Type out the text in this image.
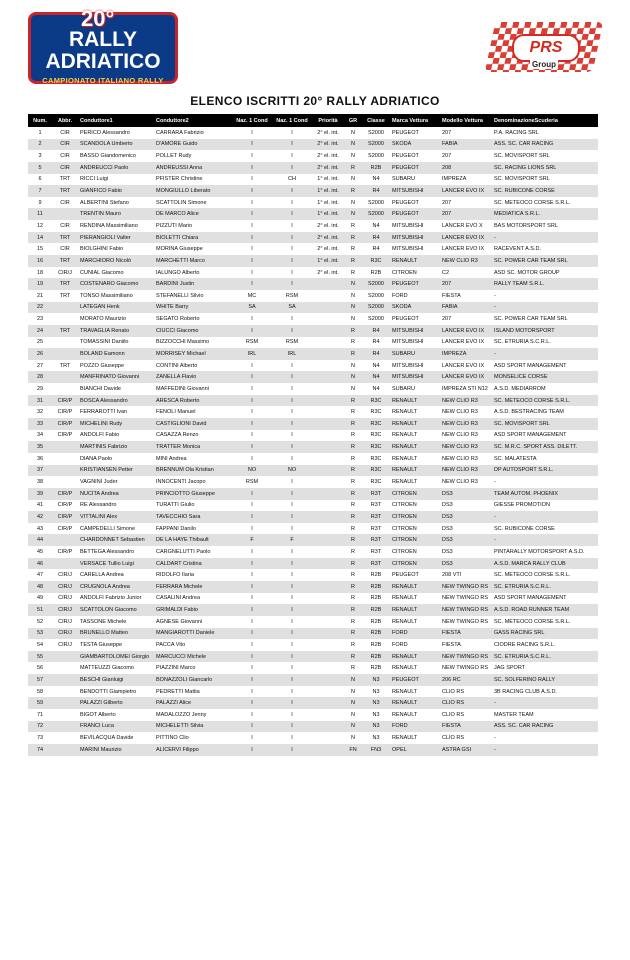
20°
RALLY ADRIATICO
CAMPIONATO ITALIANO RALLY
CINGOLI 17/18 Maggio 2013
PRS
Group
ELENCO ISCRITTI 20° RALLY ADRIATICO
Num.	Abbr.	Conduttore1	Conduttore2	Naz. 1 Cond	Naz. 1 Cond	Priorità	GR	Classe	Marca Vettura	Modello Vettura	DenominazioneScuderia
1	CIR	PERICO Alessandro	CARRARA Fabrizio	I	I	2° el. int.	N	S2000	PEUGEOT	207	P.A. RACING SRL
2	CIR	SCANDOLA Umberto	D'AMORE Guido	I	I	2° el. int.	N	S2000	SKODA	FABIA	ASS. SC. CAR RACING
3	CIR	BASSO Giandomenico	POLLET Rudy	I	I	2° el. int.	N	S2000	PEUGEOT	207	SC. MOVISPORT SRL
5	CIR	ANDREUCCI Paolo	ANDREUSSI Anna	I	I	2° el. int.	R	R2B	PEUGEOT	208	SC. RACING LIONS SRL
6	TRT	RICCI Luigi	PFISTER Christine	I	CH	1° el. int.	N	N4	SUBARU	IMPREZA	SC. MOVISPORT SRL
7	TRT	GIANFICO Fabio	MONGIULLO Liberato	I	I	1° el. int.	R	R4	MITSUBISHI	LANCER EVO IX	SC. RUBICONE CORSE
9	CIR	ALBERTINI Stefano	SCATTOLIN Simone	I	I	1° el. int.	N	S2000	PEUGEOT	207	SC. METEOCO CORSE S.R.L.
11		TRENTIN Mauro	DE MARCO Alice	I	I	1° el. int.	N	S2000	PEUGEOT	207	MEDIATICA S.R.L.
12	CIR	RENDINA Massimiliano	PIZZUTI Mario	I	I	2° el. int.	R	N4	MITSUBISHI	LANCER EVO X	BAS MOTORSPORT SRL
14	TRT	PIERANGIOLI Valter	BIOLETTI Chiara	I	I	2° el. int.	R	R4	MITSUBISHI	LANCER EVO IX	-
15	CIR	BIOLGHINI Fabio	MORINA Giuseppe	I	I	2° el. int.	R	R4	MITSUBISHI	LANCER EVO IX	RACEVENT A.S.D.
16	TRT	MARCHIORO Nicolò	MARCHETTI Marco	I	I	1° el. int.	R	R3C	RENAULT	NEW CLIO R3	SC. POWER CAR TEAM SRL
18	CIR/J	CUNIAL Giacomo	IALUNGO Alberto	I	I	2° el. int.	R	R2B	CITROEN	C2	ASD SC. MOTOR GROUP
19	TRT	COSTENARO Giacomo	BARDINI Justin	I	I		N	S2000	PEUGEOT	207	RALLY TEAM S.R.L.
21	TRT	TONSO Massimiliano	STEFANELLI Silvio	MC	RSM		N	S2000	FORD	FIESTA	-
22		LATEGAN Henk	WHITE Barry	SA	SA		N	S2000	SKODA	FABIA	-
23		MORATO Maurizio	SEGATO Roberto	I	I		N	S2000	PEUGEOT	207	SC. POWER CAR TEAM SRL
24	TRT	TRAVAGLIA Renato	CIUCCI Giacomo	I	I		R	R4	MITSUBISHI	LANCER EVO IX	ISLAND MOTORSPORT
25		TOMASSINI Daniilo	BIZZOCCHI Massimo	RSM	RSM		R	R4	MITSUBISHI	LANCER EVO IX	SC. ETRURIA S.C.R.L.
26		BOLAND Eamonn	MORRISEY Michael	IRL	IRL		R	R4	SUBARU	IMPREZA	-
27	TRT	POZZO Giuseppe	CONTINI Alberto	I	I		N	N4	MITSUBISHI	LANCER EVO IX	ASD SPORT MANAGEMENT
28		MANFRINATO Giovanni	ZANELLA Flavio	I	I		N	N4	MITSUBISHI	LANCER EVO IX	MONSELICE CORSE
29		BIANCHI Davide	MAFFEDINI Giovanni	I	I		N	N4	SUBARU	IMPREZA STI N12	A.S.D. MEDIARROM
31	CIR/P	BOSCA Alessandro	ARESCA Roberto	I	I		R	R3C	RENAULT	NEW CLIO R3	SC. METEOCO CORSE S.R.L.
32	CIR/P	FERRAROTTI Ivan	FENOLI Manuel	I	I		R	R3C	RENAULT	NEW CLIO R3	A.S.D. BESTRACING TEAM
33	CIR/P	MICHELINI Rudy	CASTIGLIONI David	I	I		R	R3C	RENAULT	NEW CLIO R3	SC. MOVISPORT SRL
34	CIR/P	ANDOLFI Fabio	CASAZZA Renzo	I	I		R	R3C	RENAULT	NEW CLIO R3	ASD SPORT MANAGEMENT
35		MARTINIS Fabrizio	TRATTER Monica	I	I		R	R3C	RENAULT	NEW CLIO R3	SC. M.R.C. SPORT ASS. DILETT.
36		DIANA Paolo	MINI Andrea	I	I		R	R3C	RENAULT	NEW CLIO R3	SC. MALATESTA
37		KRISTIANSEN Petter	BRENNUM Ola Kristian	NO	NO		R	R3C	RENAULT	NEW CLIO R3	DP AUTOSPORT S.R.L.
38		VAGNINI Juder	INNOCENTI Jacopo	RSM	I		R	R3C	RENAULT	NEW CLIO R3	-
39	CIR/P	NUCITA Andrea	PRINCIOTTO Giuseppe	I	I		R	R3T	CITROEN	DS3	TEAM AUTOM. PHOENIX
41	CIR/P	RE Alessandro	TURATTI Giulio	I	I		R	R3T	CITROEN	DS3	GIESSE PROMOTION
42	CIR/P	VITTALINI Alex	TAVECCHIO Sara	I	I		R	R3T	CITROEN	DS3	-
43	CIR/P	CAMPEDELLI Simone	FAPPANI Danilo	I	I		R	R3T	CITROEN	DS3	SC. RUBICONE CORSE
44		CHARDONNET Sebastien	DE LA HAYE Thibault	F	F		R	R3T	CITROEN	DS3	-
45	CIR/P	BETTEGA Alessandro	CARGNELUTTI Paolo	I	I		R	R3T	CITROEN	DS3	PINTARALLY MOTORSPORT A.S.D.
46		VERSACE Tullio Luigi	CALDART Cristina	I	I		R	R3T	CITROEN	DS3	A.S.D. MARCA RALLY CLUB
47	CIR/J	CARELLA Andrea	RIDOLFO Ilaria	I	I		R	R2B	PEUGEOT	208 VTI	SC. METEOCO CORSE S.R.L.
48	CIR/J	CRUGNOLA Andrea	FERRARA Michele	I	I		R	R2B	RENAULT	NEW TWINGO RS	SC. ETRURIA S.C.R.L.
49	CIR/J	ANDOLFI Fabrizio Junior	CASALINI Andrea	I	I		R	R2B	RENAULT	NEW TWINGO RS	ASD SPORT MANAGEMENT
51	CIR/J	SCATTOLON Giacomo	GRIMALDI Fabio	I	I		R	R2B	RENAULT	NEW TWINGO RS	A.S.D. ROAD RUNNER TEAM
52	CIR/J	TASSONE Michele	AGNESE Giovanni	I	I		R	R2B	RENAULT	NEW TWINGO RS	SC. METEOCO CORSE S.R.L.
53	CIR/J	BRUNELLO Matteo	MANGIAROTTI Daniele	I	I		R	R2B	FORD	FIESTA	GASS RACING SRL
54	CIR/J	TESTA Giuseppe	PACCA Vito	I	I		R	R2B	FORD	FIESTA	CIODRE RACING S.R.L.
55		GIAMBARTOLOMEI Giorgio	MARCUCCI Michele	I	I		R	R2B	RENAULT	NEW TWINGO RS	SC. ETRURIA S.C.R.L.
56		MATTEUZZI Giacomo	PIAZZINI Marco	I	I		R	R2B	RENAULT	NEW TWINGO RS	JAG SPORT
57		BESCHI Gianluigi	BONAZZOLI Giancarlo	I	I		N	N3	PEUGEOT	206 RC	SC. SOLFERINO RALLY
58		BENDOTTI Giampietro	PEDRETTI Mattia	I	I		N	N3	RENAULT	CLIO RS	3B RACING CLUB A.S.D.
59		PALAZZI Gilberto	PALAZZI Alice	I	I		N	N3	RENAULT	CLIO RS	-
71		BIGOT Alberto	MADALOZZO Jenny	I	I		N	N3	RENAULT	CLIO RS	MASTER TEAM
72		FRANCI Luca	MICHELETTI Silvia	I	I		N	N3	FORD	FIESTA	ASS. SC. CAR RACING
73		BEVILACQUA Davide	PITTINO Clio	I	I		N	N3	RENAULT	CLIO RS	-
74		MARINI Maurizio	ALICERVI Filippo	I	I		FN	FN3	OPEL	ASTRA GSI	-
